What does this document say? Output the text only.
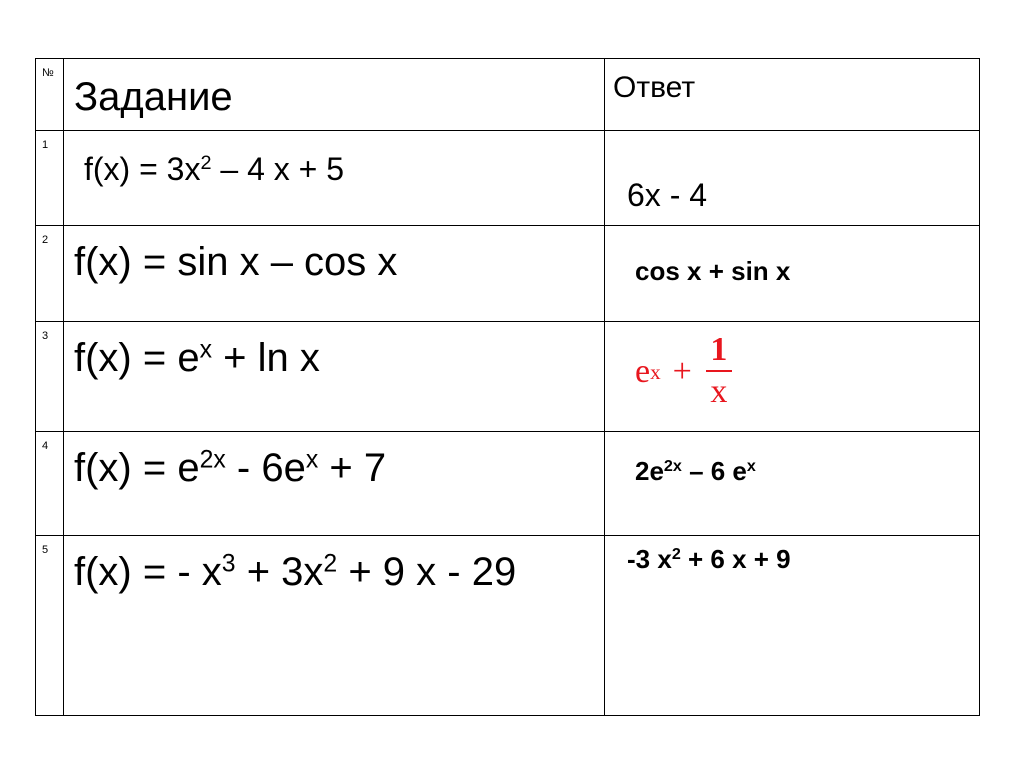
№	Задание	Ответ
1	$f(x) = 3x^2 - 4$ x + 5	6x - 4
2	f(x) = sin x – cos x	cos x + sin x
3	$f(x) = e^x + \ln x$	e $x + \frac{1}{x}$

4	$f(x) = e^{2x} - 6e^x + 7$	$2e^{2x} - 6$ $e^x$
5	f(x) = - $x^3 + 3x^2 + 9$ x - 29	-3 $x^2 + 6$ x + 9
